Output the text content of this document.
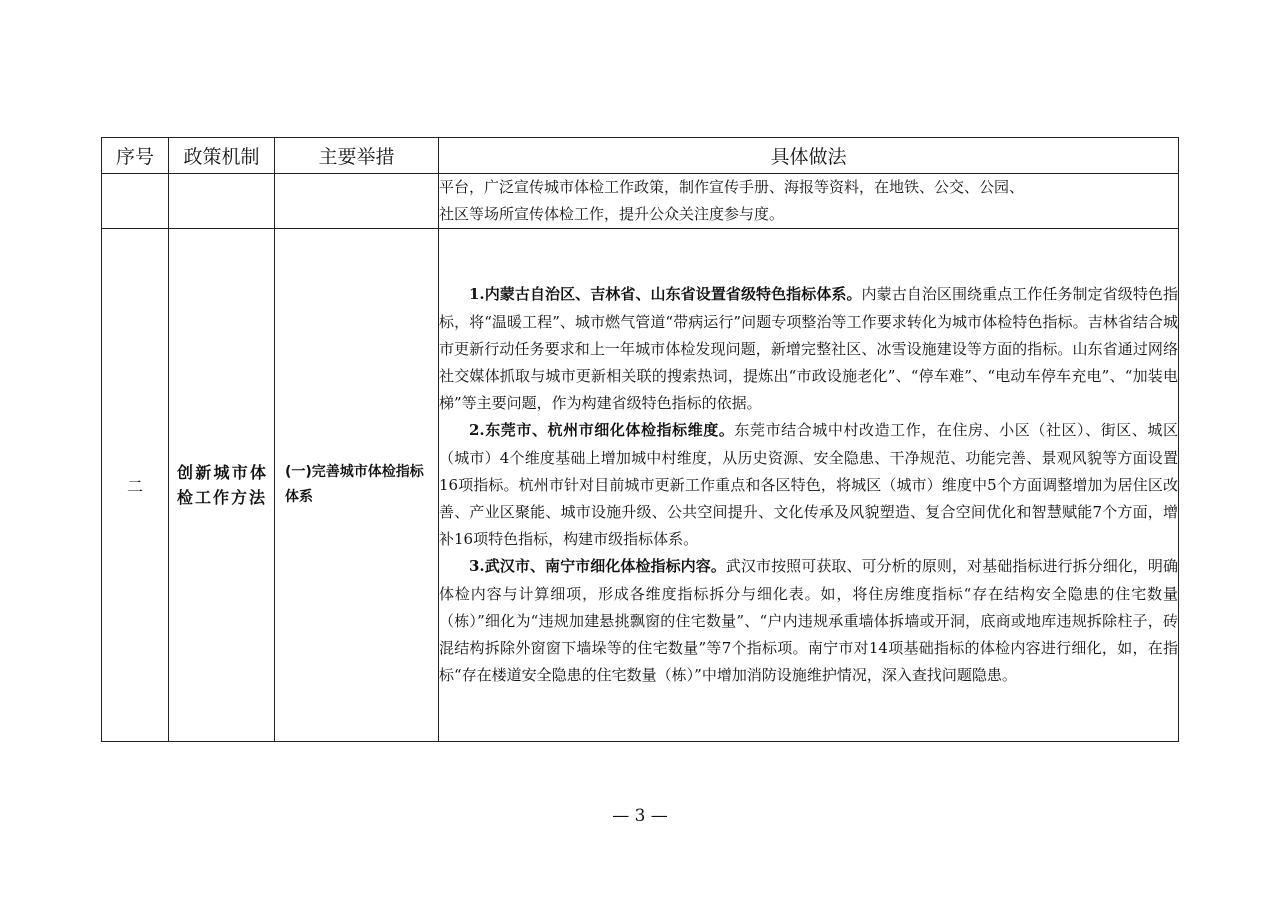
序号	政策机制	主要举措	具体做法

			平台，广泛宣传城市体检工作政策，制作宣传手册、海报等资料，在地铁、公交、公园、
社区等场所宣传体检工作，提升公众关注度参与度。

二	创新城市体检工作方法	(一)完善城市体检指标体系	1.内蒙古自治区、吉林省、山东省设置省级特色指标体系。内蒙古自治区围绕重点工作任务制定省级特色指标，将“温暖工程”、城市燃气管道“带病运行”问题专项整治等工作要求转化为城市体检特色指标。吉林省结合城市更新行动任务要求和上一年城市体检发现问题，新增完整社区、冰雪设施建设等方面的指标。山东省通过网络社交媒体抓取与城市更新相关联的搜索热词，提炼出“市政设施老化”、“停车难”、“电动车停车充电”、“加装电梯”等主要问题，作为构建省级特色指标的依据。

2.东莞市、杭州市细化体检指标维度。东莞市结合城中村改造工作，在住房、小区（社区）、街区、城区（城市）4个维度基础上增加城中村维度，从历史资源、安全隐患、干净规范、功能完善、景观风貌等方面设置16项指标。杭州市针对目前城市更新工作重点和各区特色，将城区（城市）维度中5个方面调整增加为居住区改善、产业区聚能、城市设施升级、公共空间提升、文化传承及风貌塑造、复合空间优化和智慧赋能7个方面，增补16项特色指标，构建市级指标体系。

3.武汉市、南宁市细化体检指标内容。武汉市按照可获取、可分析的原则，对基础指标进行拆分细化，明确体检内容与计算细项，形成各维度指标拆分与细化表。如，将住房维度指标“存在结构安全隐患的住宅数量（栋）”细化为“违规加建悬挑飘窗的住宅数量”、“户内违规承重墙体拆墙或开洞，底商或地库违规拆除柱子，砖混结构拆除外窗窗下墙垛等的住宅数量”等7个指标项。南宁市对14项基础指标的体检内容进行细化，如，在指标“存在楼道安全隐患的住宅数量（栋）”中增加消防设施维护情况，深入查找问题隐患。

— 3 —
